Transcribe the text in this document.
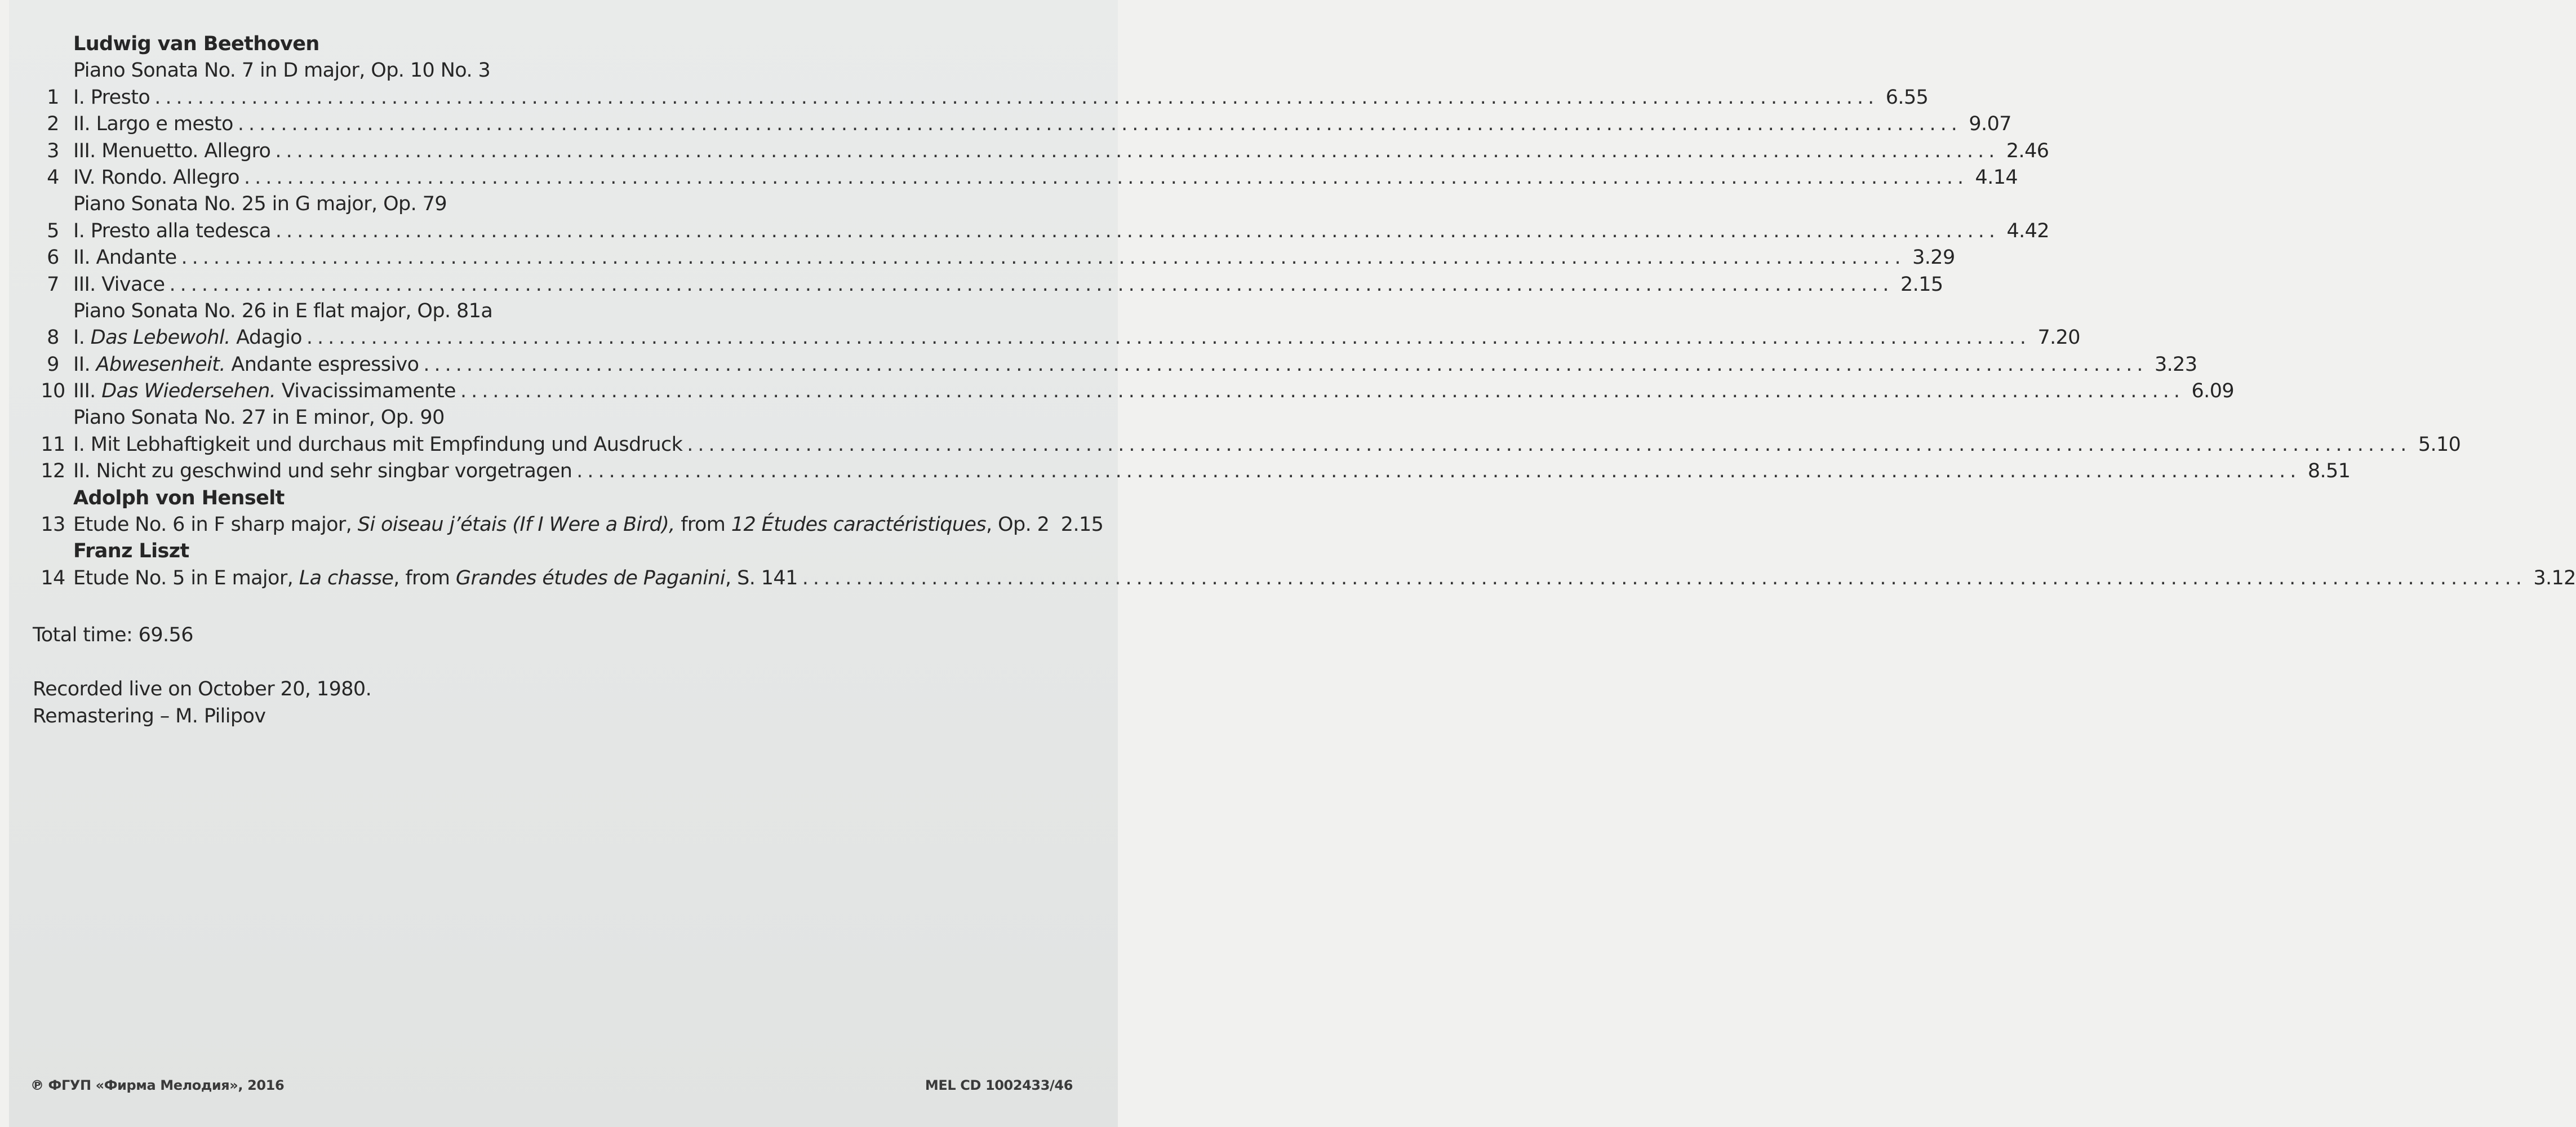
Ludwig van Beethoven
Piano Sonata No. 7 in D major, Op. 10 No. 3
1 I. Presto ................................................................................................................................................................ 6.55
2 II. Largo e mesto ................................................................................................................................................................ 9.07
3 III. Menuetto. Allegro ................................................................................................................................................................ 2.46
4 IV. Rondo. Allegro ................................................................................................................................................................ 4.14
Piano Sonata No. 25 in G major, Op. 79
5 I. Presto alla tedesca ................................................................................................................................................................ 4.42
6 II. Andante ................................................................................................................................................................ 3.29
7 III. Vivace ................................................................................................................................................................ 2.15
Piano Sonata No. 26 in E flat major, Op. 81a
8 I. Das Lebewohl. Adagio ................................................................................................................................................................ 7.20
9 II. Abwesenheit. Andante espressivo ................................................................................................................................................................ 3.23
10 III. Das Wiedersehen. Vivacissimamente ................................................................................................................................................................ 6.09
Piano Sonata No. 27 in E minor, Op. 90
11 I. Mit Lebhaftigkeit und durchaus mit Empfindung und Ausdruck ................................................................................................................................................................ 5.10
12 II. Nicht zu geschwind und sehr singbar vorgetragen ................................................................................................................................................................ 8.51
Adolph von Henselt
13 Etude No. 6 in F sharp major, Si oiseau j’étais (If I Were a Bird), from 12 Études caractéristiques, Op. 2 2.15
Franz Liszt
14 Etude No. 5 in E major, La chasse, from Grandes études de Paganini, S. 141 ................................................................................................................................................................ 3.12
Total time: 69.56
Recorded live on October 20, 1980.
Remastering – M. Pilipov
℗ ФГУП «Фирма Мелодия», 2016	MEL CD 1002433/46
